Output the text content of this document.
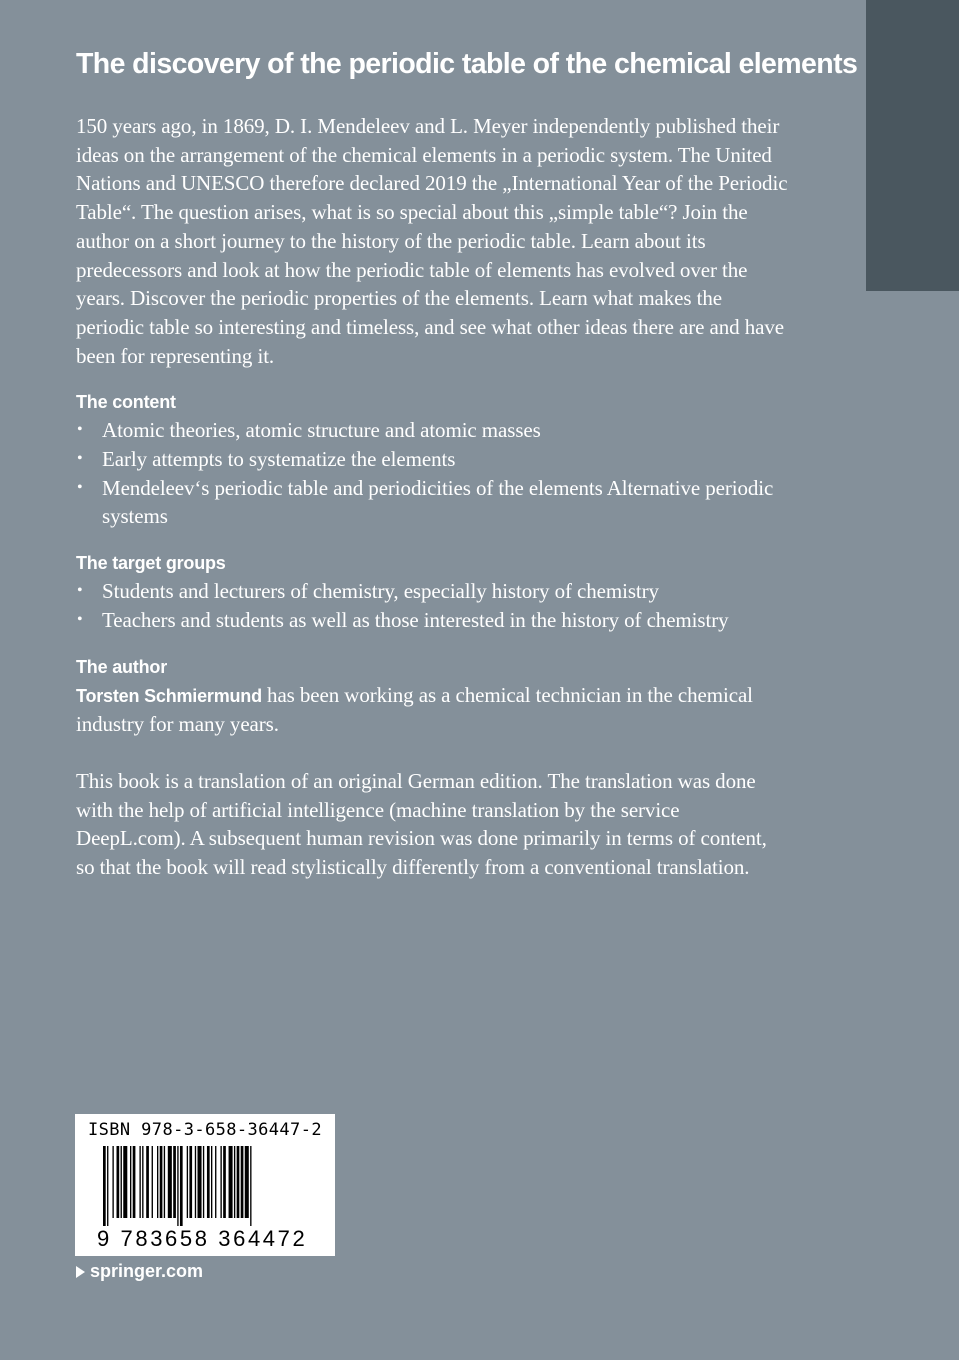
The discovery of the periodic table of the chemical elements

150 years ago, in 1869, D. I. Mendeleev and L. Meyer independently published their ideas on the arrangement of the chemical elements in a periodic system. The United Nations and UNESCO therefore declared 2019 the „International Year of the Periodic Table“. The question arises, what is so special about this „simple table“? Join the author on a short journey to the history of the periodic table. Learn about its predecessors and look at how the periodic table of elements has evolved over the years. Discover the periodic properties of the elements. Learn what makes the periodic table so interesting and timeless, and see what other ideas there are and have been for representing it.

The content
• Atomic theories, atomic structure and atomic masses
• Early attempts to systematize the elements
• Mendeleev‘s periodic table and periodicities of the elements Alternative periodic systems
The target groups
• Students and lecturers of chemistry, especially history of chemistry
• Teachers and students as well as those interested in the history of chemistry
The author

Torsten Schmiermund has been working as a chemical technician in the chemical industry for many years.

This book is a translation of an original German edition. The translation was done with the help of artificial intelligence (machine translation by the service DeepL.com). A subsequent human revision was done primarily in terms of content, so that the book will read stylistically differently from a conventional translation.

ISBN 978-3-658-36447-2
9 783658 364472
springer.com
